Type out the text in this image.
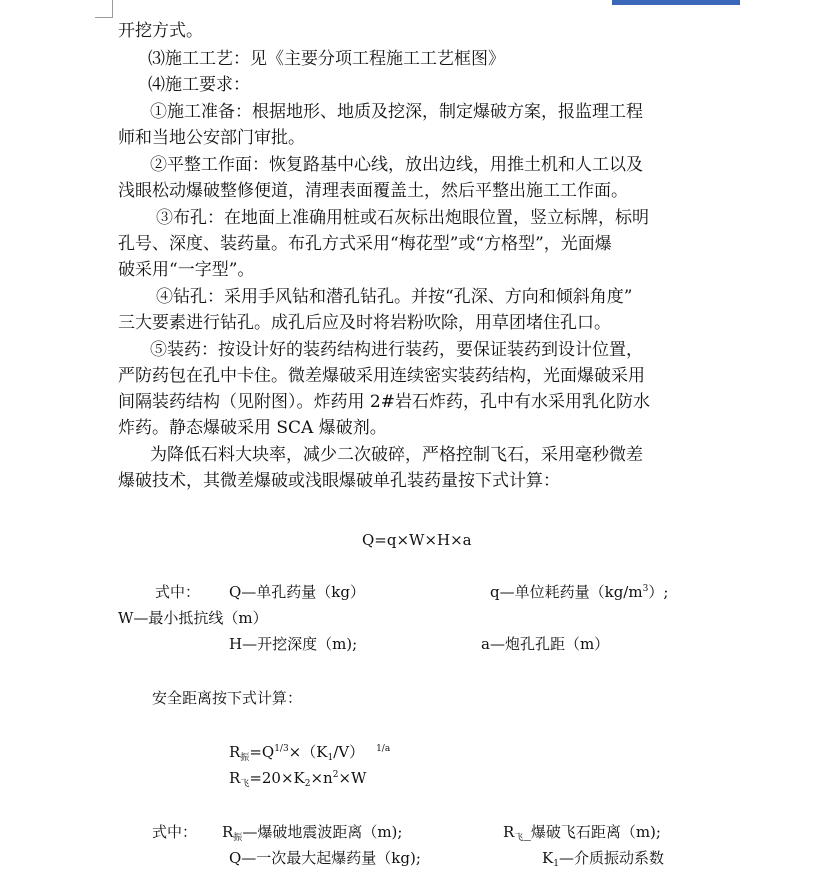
开挖方式。
⑶施工工艺：见《主要分项工程施工工艺框图》
⑷施工要求：
①施工准备：根据地形、地质及挖深，制定爆破方案，报监理工程
师和当地公安部门审批。
②平整工作面：恢复路基中心线，放出边线，用推土机和人工以及
浅眼松动爆破整修便道，清理表面覆盖土，然后平整出施工工作面。
③布孔：在地面上准确用桩或石灰标出炮眼位置，竖立标牌，标明
孔号、深度、装药量。布孔方式采用“梅花型”或“方格型”，光面爆
破采用“一字型”。
④钻孔：采用手风钻和潜孔钻孔。并按“孔深、方向和倾斜角度”
三大要素进行钻孔。成孔后应及时将岩粉吹除，用草团堵住孔口。
⑤装药：按设计好的装药结构进行装药，要保证装药到设计位置，
严防药包在孔中卡住。微差爆破采用连续密实装药结构，光面爆破采用
间隔装药结构（见附图）。炸药用 2#岩石炸药，孔中有水采用乳化防水
炸药。静态爆破采用 SCA 爆破剂。
为降低石料大块率，减少二次破碎，严格控制飞石，采用毫秒微差
爆破技术，其微差爆破或浅眼爆破单孔装药量按下式计算：
Q=q×W×H×a
式中： Q—单孔药量（kg）	q—单位耗药量$(kg/m^3)$;
W—最小抵抗线（m）
H—开挖深度（m);	a—炮孔孔距（m）
安全距离按下式计算：
$R_振=Q^{1/3}\times(K_1/V)$ $^{1/a}$
$R_飞=20\times K_2\times n^2\times W$
式中： $R_振—$爆破地震波距离（m);	$R_飞\_$爆破飞石距离（m);
Q—一次最大起爆药量（kg);	$K_1—$介质振动系数
